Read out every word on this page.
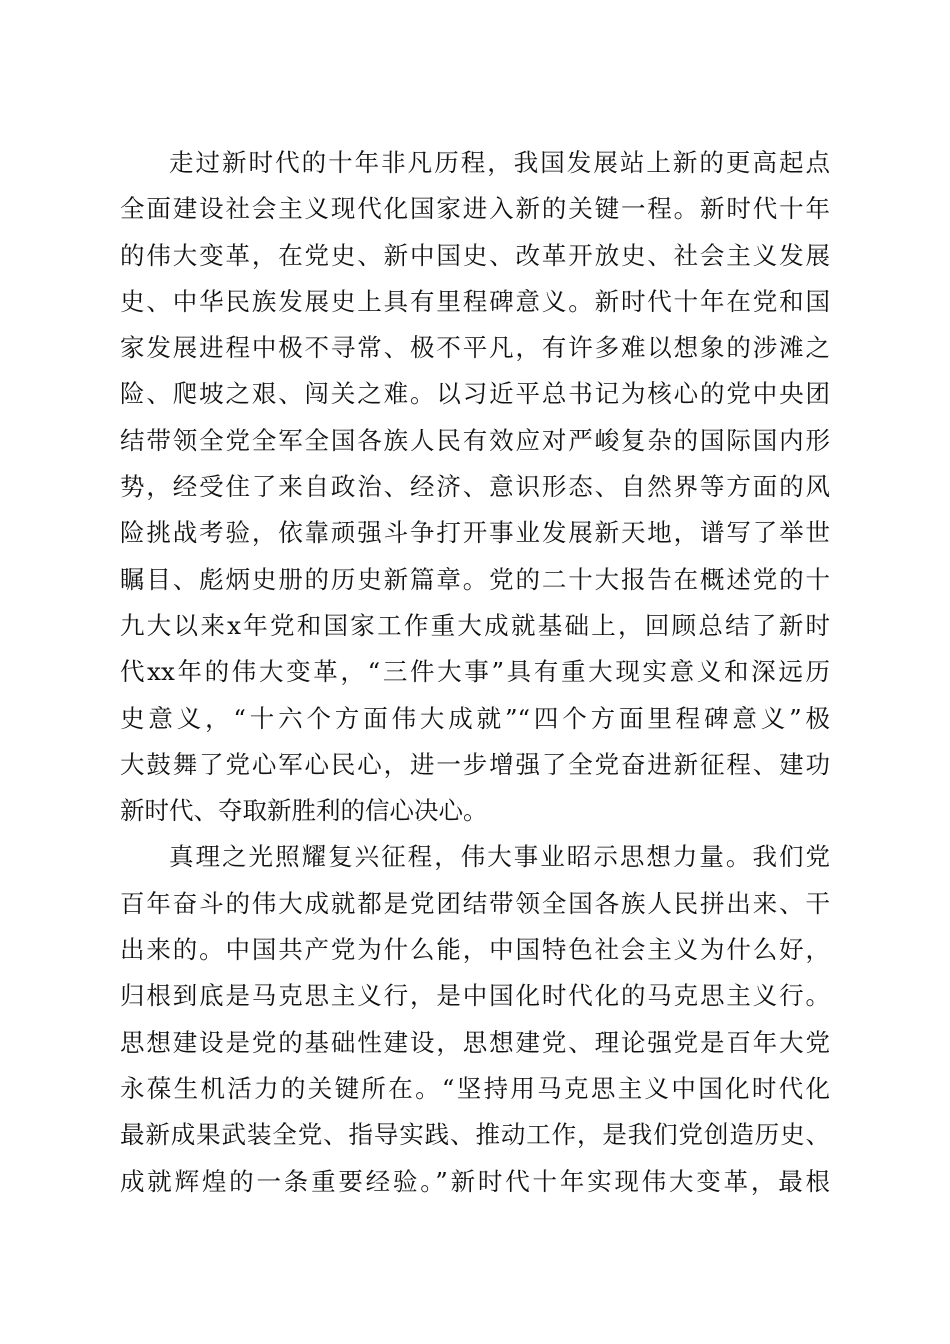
走过新时代的十年非凡历程，我国发展站上新的更高起点
全面建设社会主义现代化国家进入新的关键一程。新时代十年
的伟大变革，在党史、新中国史、改革开放史、社会主义发展
史、中华民族发展史上具有里程碑意义。新时代十年在党和国
家发展进程中极不寻常、极不平凡，有许多难以想象的涉滩之
险、爬坡之艰、闯关之难。以习近平总书记为核心的党中央团
结带领全党全军全国各族人民有效应对严峻复杂的国际国内形
势，经受住了来自政治、经济、意识形态、自然界等方面的风
险挑战考验，依靠顽强斗争打开事业发展新天地，谱写了举世
瞩目、彪炳史册的历史新篇章。党的二十大报告在概述党的十
九大以来x年党和国家工作重大成就基础上，回顾总结了新时
代xx年的伟大变革，“三件大事”具有重大现实意义和深远历
史意义，“十六个方面伟大成就”“四个方面里程碑意义”极
大鼓舞了党心军心民心，进一步增强了全党奋进新征程、建功
新时代、夺取新胜利的信心决心。
真理之光照耀复兴征程，伟大事业昭示思想力量。我们党
百年奋斗的伟大成就都是党团结带领全国各族人民拼出来、干
出来的。中国共产党为什么能，中国特色社会主义为什么好，
归根到底是马克思主义行，是中国化时代化的马克思主义行。
思想建设是党的基础性建设，思想建党、理论强党是百年大党
永葆生机活力的关键所在。“坚持用马克思主义中国化时代化
最新成果武装全党、指导实践、推动工作，是我们党创造历史、
成就辉煌的一条重要经验。”新时代十年实现伟大变革，最根
